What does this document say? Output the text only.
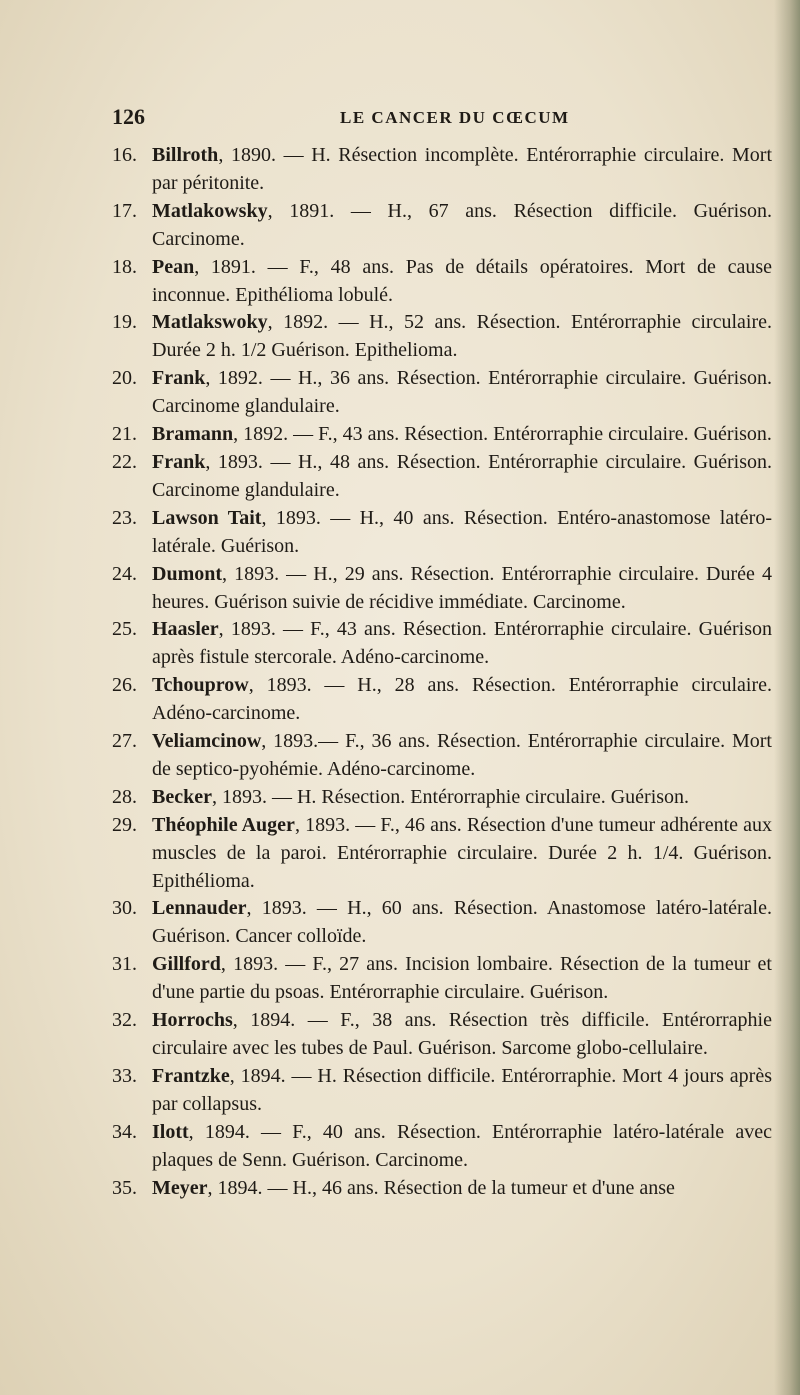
126	LE CANCER DU CŒCUM
16. Billroth, 1890. — H. Résection incomplète. Entérorraphie circulaire. Mort par péritonite.
17. Matlakowsky, 1891. — H., 67 ans. Résection difficile. Guérison. Carcinome.
18. Pean, 1891. — F., 48 ans. Pas de détails opératoires. Mort de cause inconnue. Epithélioma lobulé.
19. Matlakswoky, 1892. — H., 52 ans. Résection. Entérorraphie circulaire. Durée 2 h. 1/2 Guérison. Epithelioma.
20. Frank, 1892. — H., 36 ans. Résection. Entérorraphie circulaire. Guérison. Carcinome glandulaire.
21. Bramann, 1892. — F., 43 ans. Résection. Entérorraphie circulaire. Guérison.
22. Frank, 1893. — H., 48 ans. Résection. Entérorraphie circulaire. Guérison. Carcinome glandulaire.
23. Lawson Tait, 1893. — H., 40 ans. Résection. Entéro-anastomose latéro-latérale. Guérison.
24. Dumont, 1893. — H., 29 ans. Résection. Entérorraphie circulaire. Durée 4 heures. Guérison suivie de récidive immédiate. Carcinome.
25. Haasler, 1893. — F., 43 ans. Résection. Entérorraphie circulaire. Guérison après fistule stercorale. Adéno-carcinome.
26. Tchouprow, 1893. — H., 28 ans. Résection. Entérorraphie circulaire. Adéno-carcinome.
27. Veliamcinow, 1893.— F., 36 ans. Résection. Entérorraphie circulaire. Mort de septico-pyohémie. Adéno-carcinome.
28. Becker, 1893. — H. Résection. Entérorraphie circulaire. Guérison.
29. Théophile Auger, 1893. — F., 46 ans. Résection d'une tumeur adhérente aux muscles de la paroi. Entérorraphie circulaire. Durée 2 h. 1/4. Guérison. Epithélioma.
30. Lennauder, 1893. — H., 60 ans. Résection. Anastomose latéro-latérale. Guérison. Cancer colloïde.
31. Gillford, 1893. — F., 27 ans. Incision lombaire. Résection de la tumeur et d'une partie du psoas. Entérorraphie circulaire. Guérison.
32. Horrochs, 1894. — F., 38 ans. Résection très difficile. Entérorraphie circulaire avec les tubes de Paul. Guérison. Sarcome globo-cellulaire.
33. Frantzke, 1894. — H. Résection difficile. Entérorraphie. Mort 4 jours après par collapsus.
34. Ilott, 1894. — F., 40 ans. Résection. Entérorraphie latéro-latérale avec plaques de Senn. Guérison. Carcinome.
35. Meyer, 1894. — H., 46 ans. Résection de la tumeur et d'une anse
